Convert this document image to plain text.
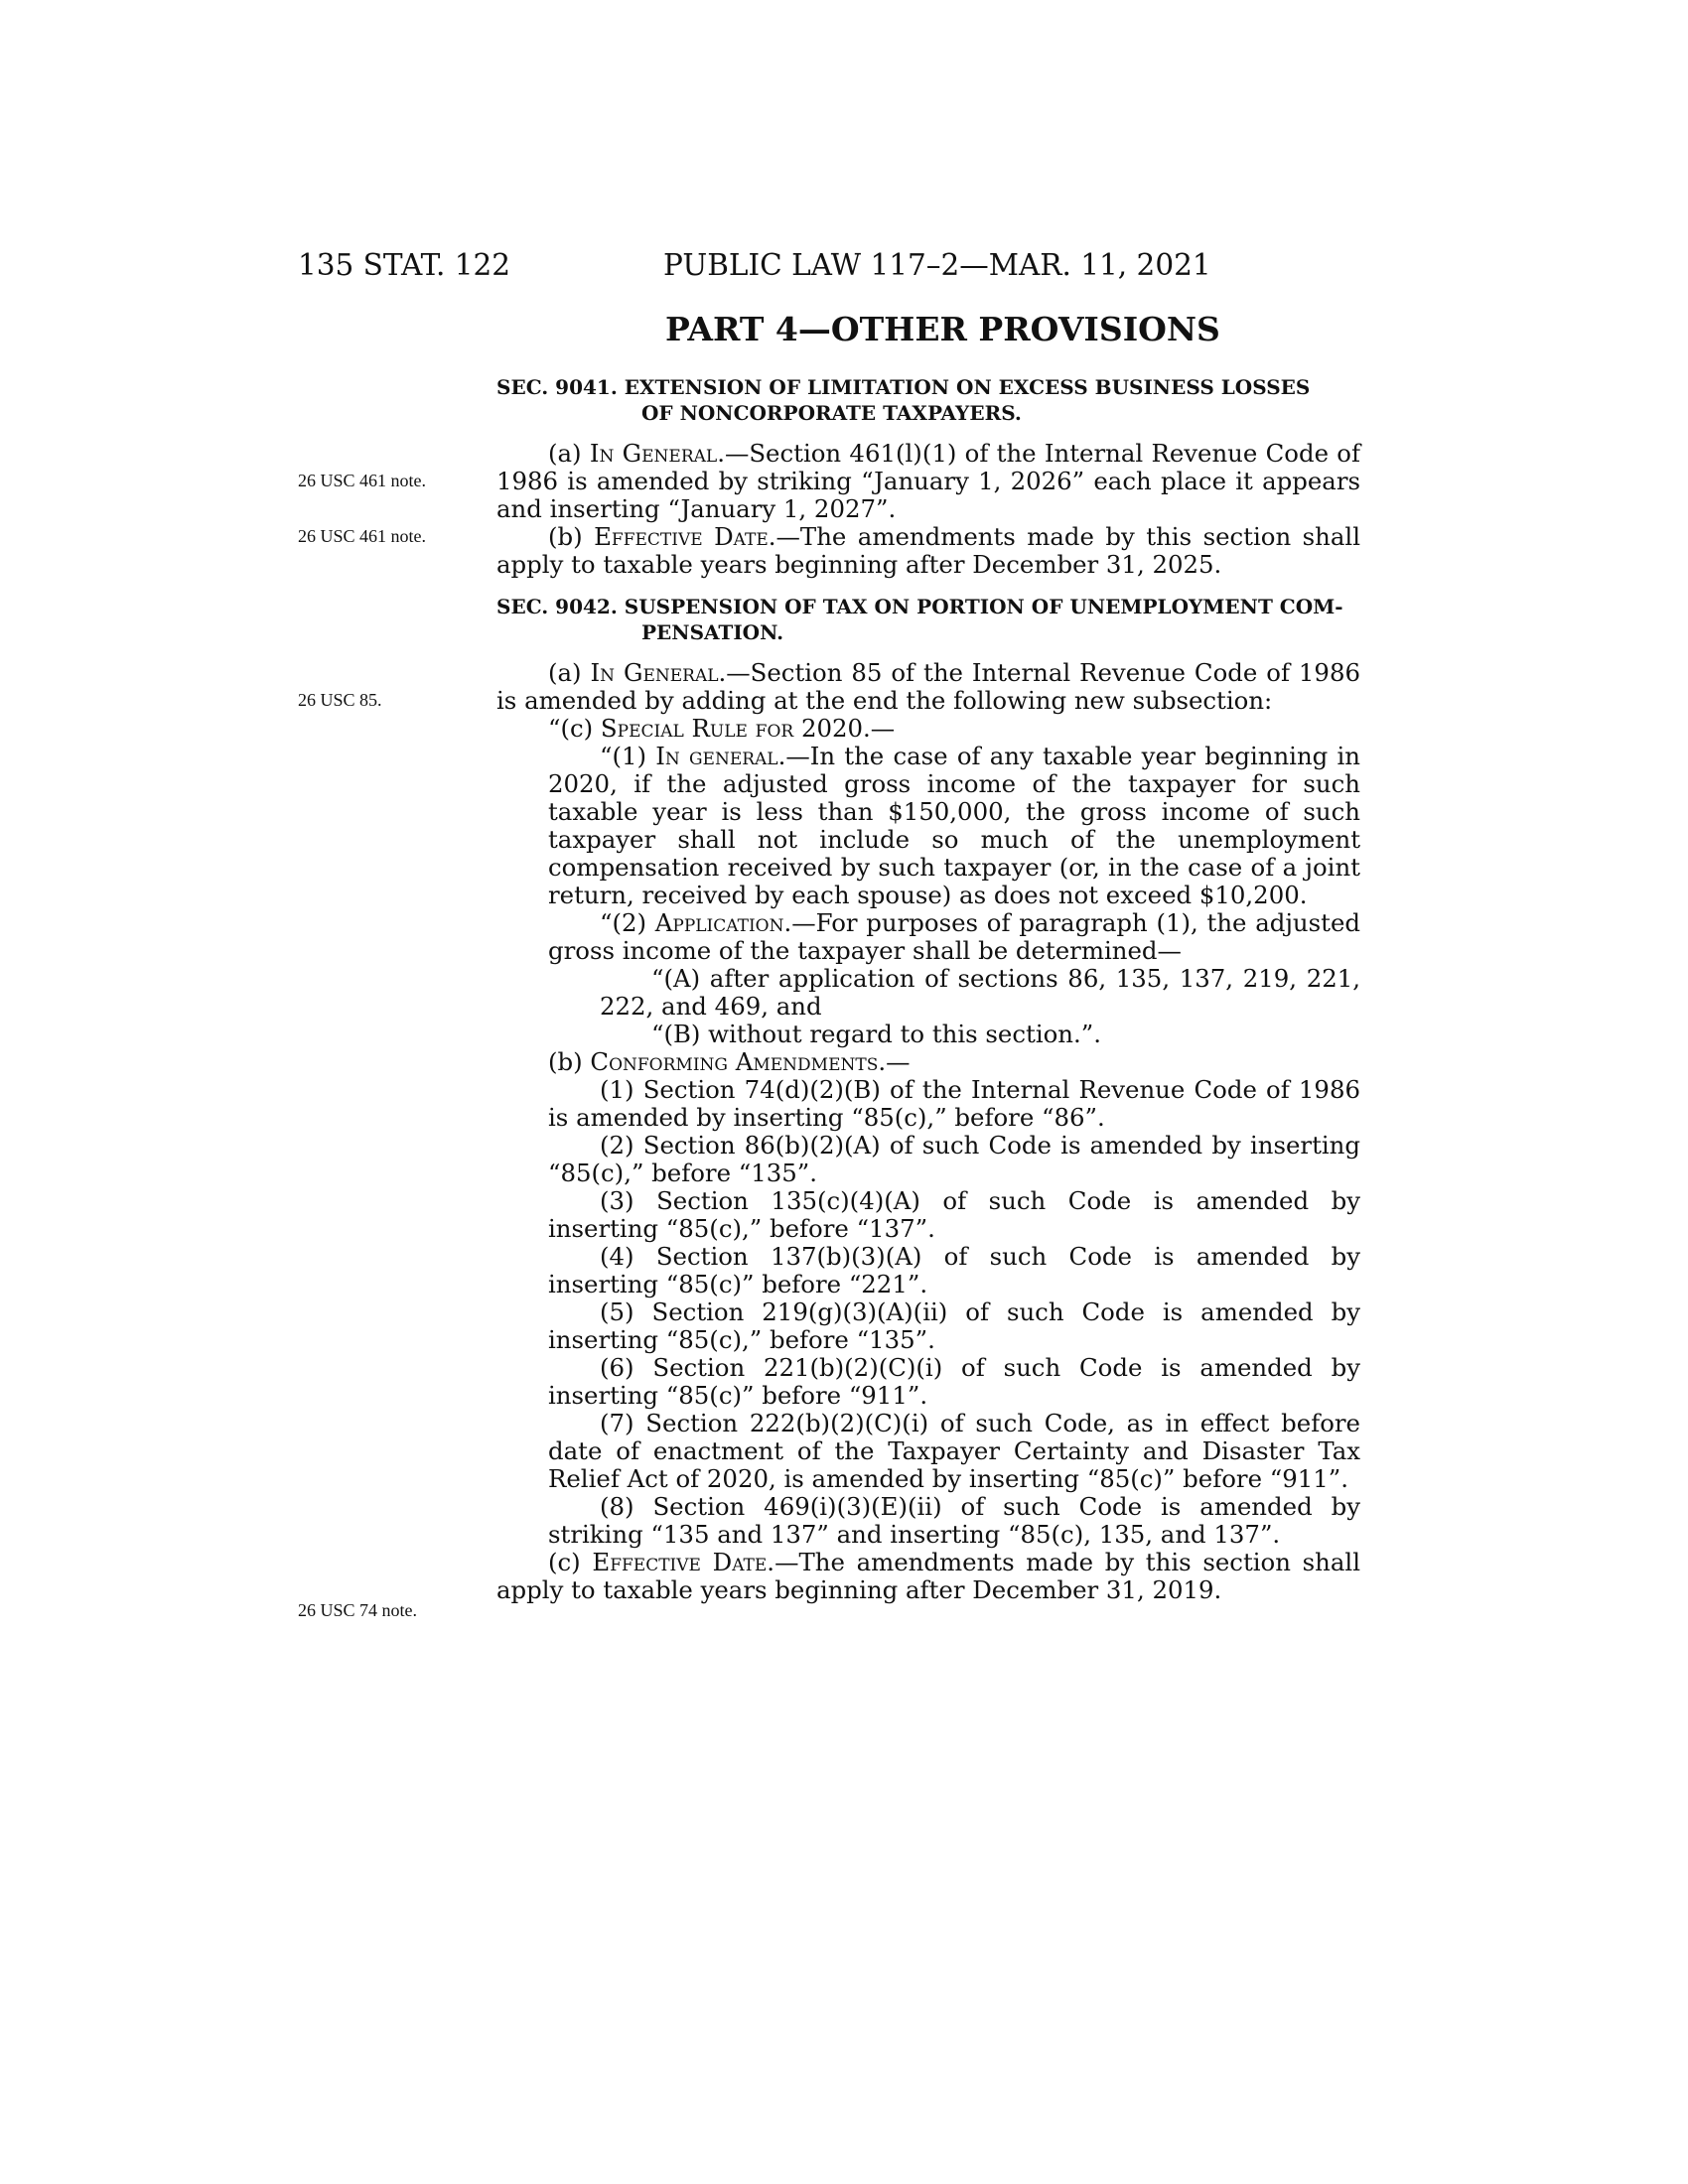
135 STAT. 122	PUBLIC LAW 117–2—MAR. 11, 2021
PART 4—OTHER PROVISIONS
SEC. 9041. EXTENSION OF LIMITATION ON EXCESS BUSINESS LOSSES
OF NONCORPORATE TAXPAYERS.
26 USC 461 note.
26 USC 461 note.

(a) In General.—Section 461(l)(1) of the Internal Revenue Code of 1986 is amended by striking “January 1, 2026” each place it appears and inserting “January 1, 2027”.

(b) Effective Date.—The amendments made by this section shall apply to taxable years beginning after December 31, 2025.

SEC. 9042. SUSPENSION OF TAX ON PORTION OF UNEMPLOYMENT COM-
PENSATION.
26 USC 85.
26 USC 74 note.

(a) In General.—Section 85 of the Internal Revenue Code of 1986 is amended by adding at the end the following new subsection:

“(c) Special Rule for 2020.—

“(1) In general.—In the case of any taxable year beginning in 2020, if the adjusted gross income of the taxpayer for such taxable year is less than $150,000, the gross income of such taxpayer shall not include so much of the unemployment compensation received by such taxpayer (or, in the case of a joint return, received by each spouse) as does not exceed $10,200.

“(2) Application.—For purposes of paragraph (1), the adjusted gross income of the taxpayer shall be determined—

“(A) after application of sections 86, 135, 137, 219, 221, 222, and 469, and

“(B) without regard to this section.”.

(b) Conforming Amendments.—

(1) Section 74(d)(2)(B) of the Internal Revenue Code of 1986 is amended by inserting “85(c),” before “86”.

(2) Section 86(b)(2)(A) of such Code is amended by inserting “85(c),” before “135”.

(3) Section 135(c)(4)(A) of such Code is amended by inserting “85(c),” before “137”.

(4) Section 137(b)(3)(A) of such Code is amended by inserting “85(c)” before “221”.

(5) Section 219(g)(3)(A)(ii) of such Code is amended by inserting “85(c),” before “135”.

(6) Section 221(b)(2)(C)(i) of such Code is amended by inserting “85(c)” before “911”.

(7) Section 222(b)(2)(C)(i) of such Code, as in effect before date of enactment of the Taxpayer Certainty and Disaster Tax Relief Act of 2020, is amended by inserting “85(c)” before “911”.

(8) Section 469(i)(3)(E)(ii) of such Code is amended by striking “135 and 137” and inserting “85(c), 135, and 137”.

(c) Effective Date.—The amendments made by this section shall apply to taxable years beginning after December 31, 2019.
